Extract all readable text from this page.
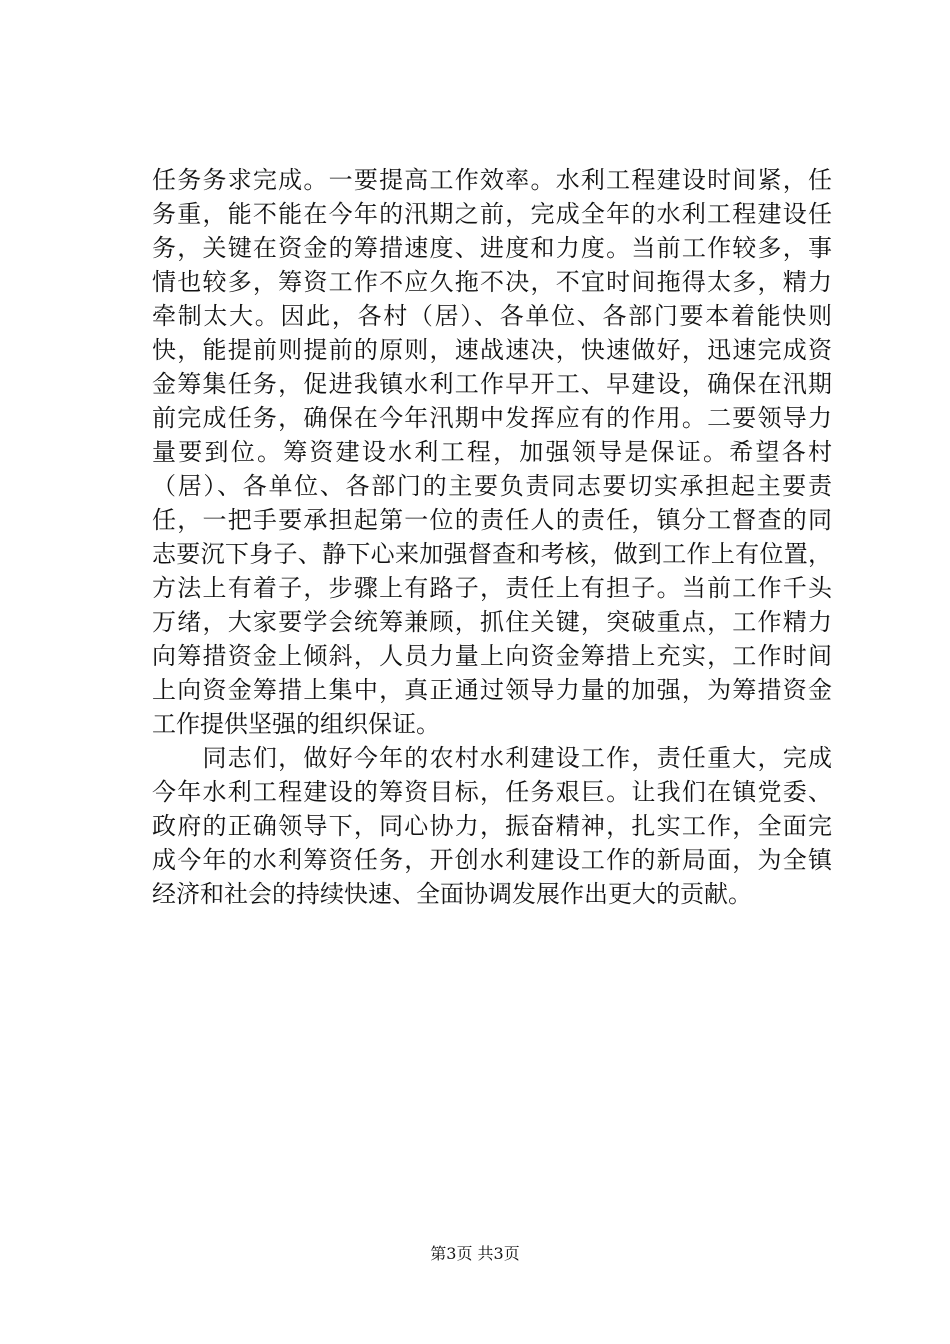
任务务求完成。一要提高工作效率。水利工程建设时间紧，任
务重，能不能在今年的汛期之前，完成全年的水利工程建设任
务，关键在资金的筹措速度、进度和力度。当前工作较多，事
情也较多，筹资工作不应久拖不决，不宜时间拖得太多，精力
牵制太大。因此，各村（居）、各单位、各部门要本着能快则
快，能提前则提前的原则，速战速决，快速做好，迅速完成资
金筹集任务，促进我镇水利工作早开工、早建设，确保在汛期
前完成任务，确保在今年汛期中发挥应有的作用。二要领导力
量要到位。筹资建设水利工程，加强领导是保证。希望各村
（居）、各单位、各部门的主要负责同志要切实承担起主要责
任，一把手要承担起第一位的责任人的责任，镇分工督查的同
志要沉下身子、静下心来加强督查和考核，做到工作上有位置，
方法上有着子，步骤上有路子，责任上有担子。当前工作千头
万绪，大家要学会统筹兼顾，抓住关键，突破重点，工作精力
向筹措资金上倾斜，人员力量上向资金筹措上充实，工作时间
上向资金筹措上集中，真正通过领导力量的加强，为筹措资金
工作提供坚强的组织保证。
　　同志们，做好今年的农村水利建设工作，责任重大，完成
今年水利工程建设的筹资目标，任务艰巨。让我们在镇党委、
政府的正确领导下，同心协力，振奋精神，扎实工作，全面完
成今年的水利筹资任务，开创水利建设工作的新局面，为全镇
经济和社会的持续快速、全面协调发展作出更大的贡献。
第3页 共3页
